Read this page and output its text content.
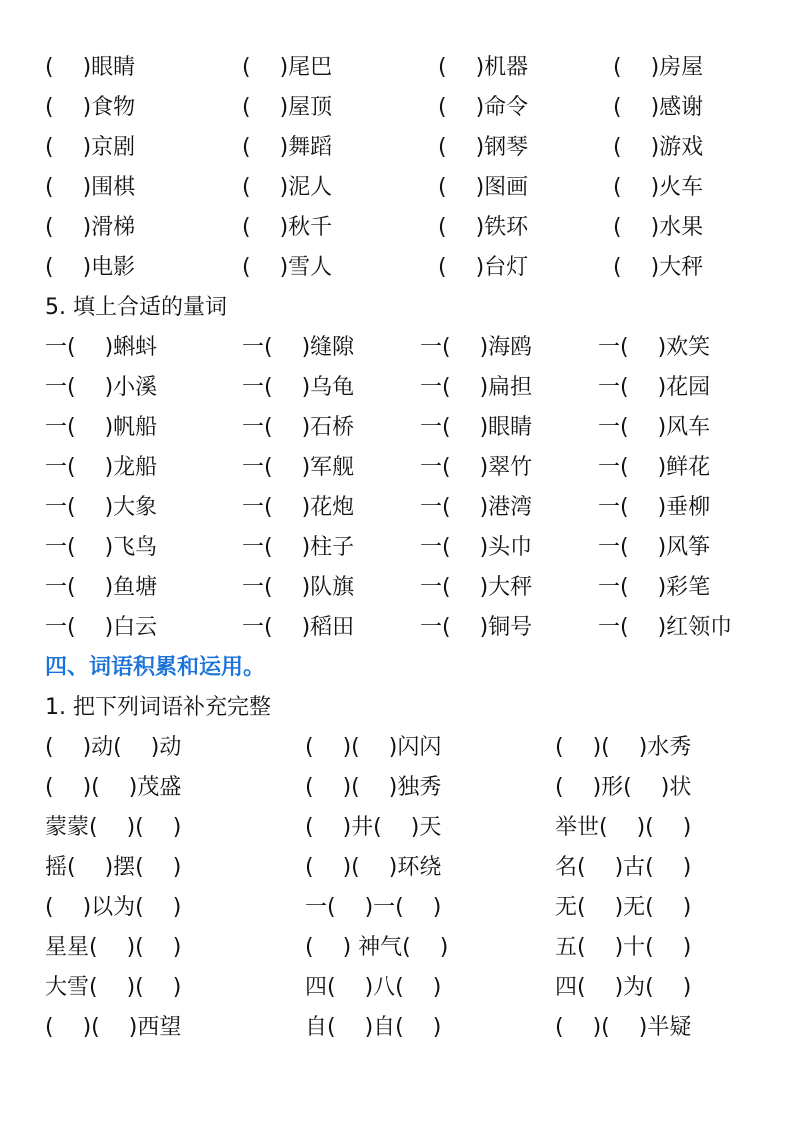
(　 )眼睛	(　 )尾巴	(　 )机器	(　 )房屋
(　 )食物	(　 )屋顶	(　 )命令	(　 )感谢
(　 )京剧	(　 )舞蹈	(　 )钢琴	(　 )游戏
(　 )围棋	(　 )泥人	(　 )图画	(　 )火车
(　 )滑梯	(　 )秋千	(　 )铁环	(　 )水果
(　 )电影	(　 )雪人	(　 )台灯	(　 )大秤
5. 填上合适的量词
一(　 )蝌蚪	一(　 )缝隙	一(　 )海鸥	一(　 )欢笑
一(　 )小溪	一(　 )乌龟	一(　 )扁担	一(　 )花园
一(　 )帆船	一(　 )石桥	一(　 )眼睛	一(　 )风车
一(　 )龙船	一(　 )军舰	一(　 )翠竹	一(　 )鲜花
一(　 )大象	一(　 )花炮	一(　 )港湾	一(　 )垂柳
一(　 )飞鸟	一(　 )柱子	一(　 )头巾	一(　 )风筝
一(　 )鱼塘	一(　 )队旗	一(　 )大秤	一(　 )彩笔
一(　 )白云	一(　 )稻田	一(　 )铜号	一(　 )红领巾
四、词语积累和运用。
1. 把下列词语补充完整
(　 )动(　 )动	(　 )(　 )闪闪	(　 )(　 )水秀
(　 )(　 )茂盛	(　 )(　 )独秀	(　 )形(　 )状
蒙蒙(　 )(　 )	(　 )井(　 )天	举世(　 )(　 )
摇(　 )摆(　 )	(　 )(　 )环绕	名(　 )古(　 )
(　 )以为(　 )	一(　 )一(　 )	无(　 )无(　 )
星星(　 )(　 )	(　 ) 神气(　 )	五(　 )十(　 )
大雪(　 )(　 )	四(　 )八(　 )	四(　 )为(　 )
(　 )(　 )西望	自(　 )自(　 )	(　 )(　 )半疑
